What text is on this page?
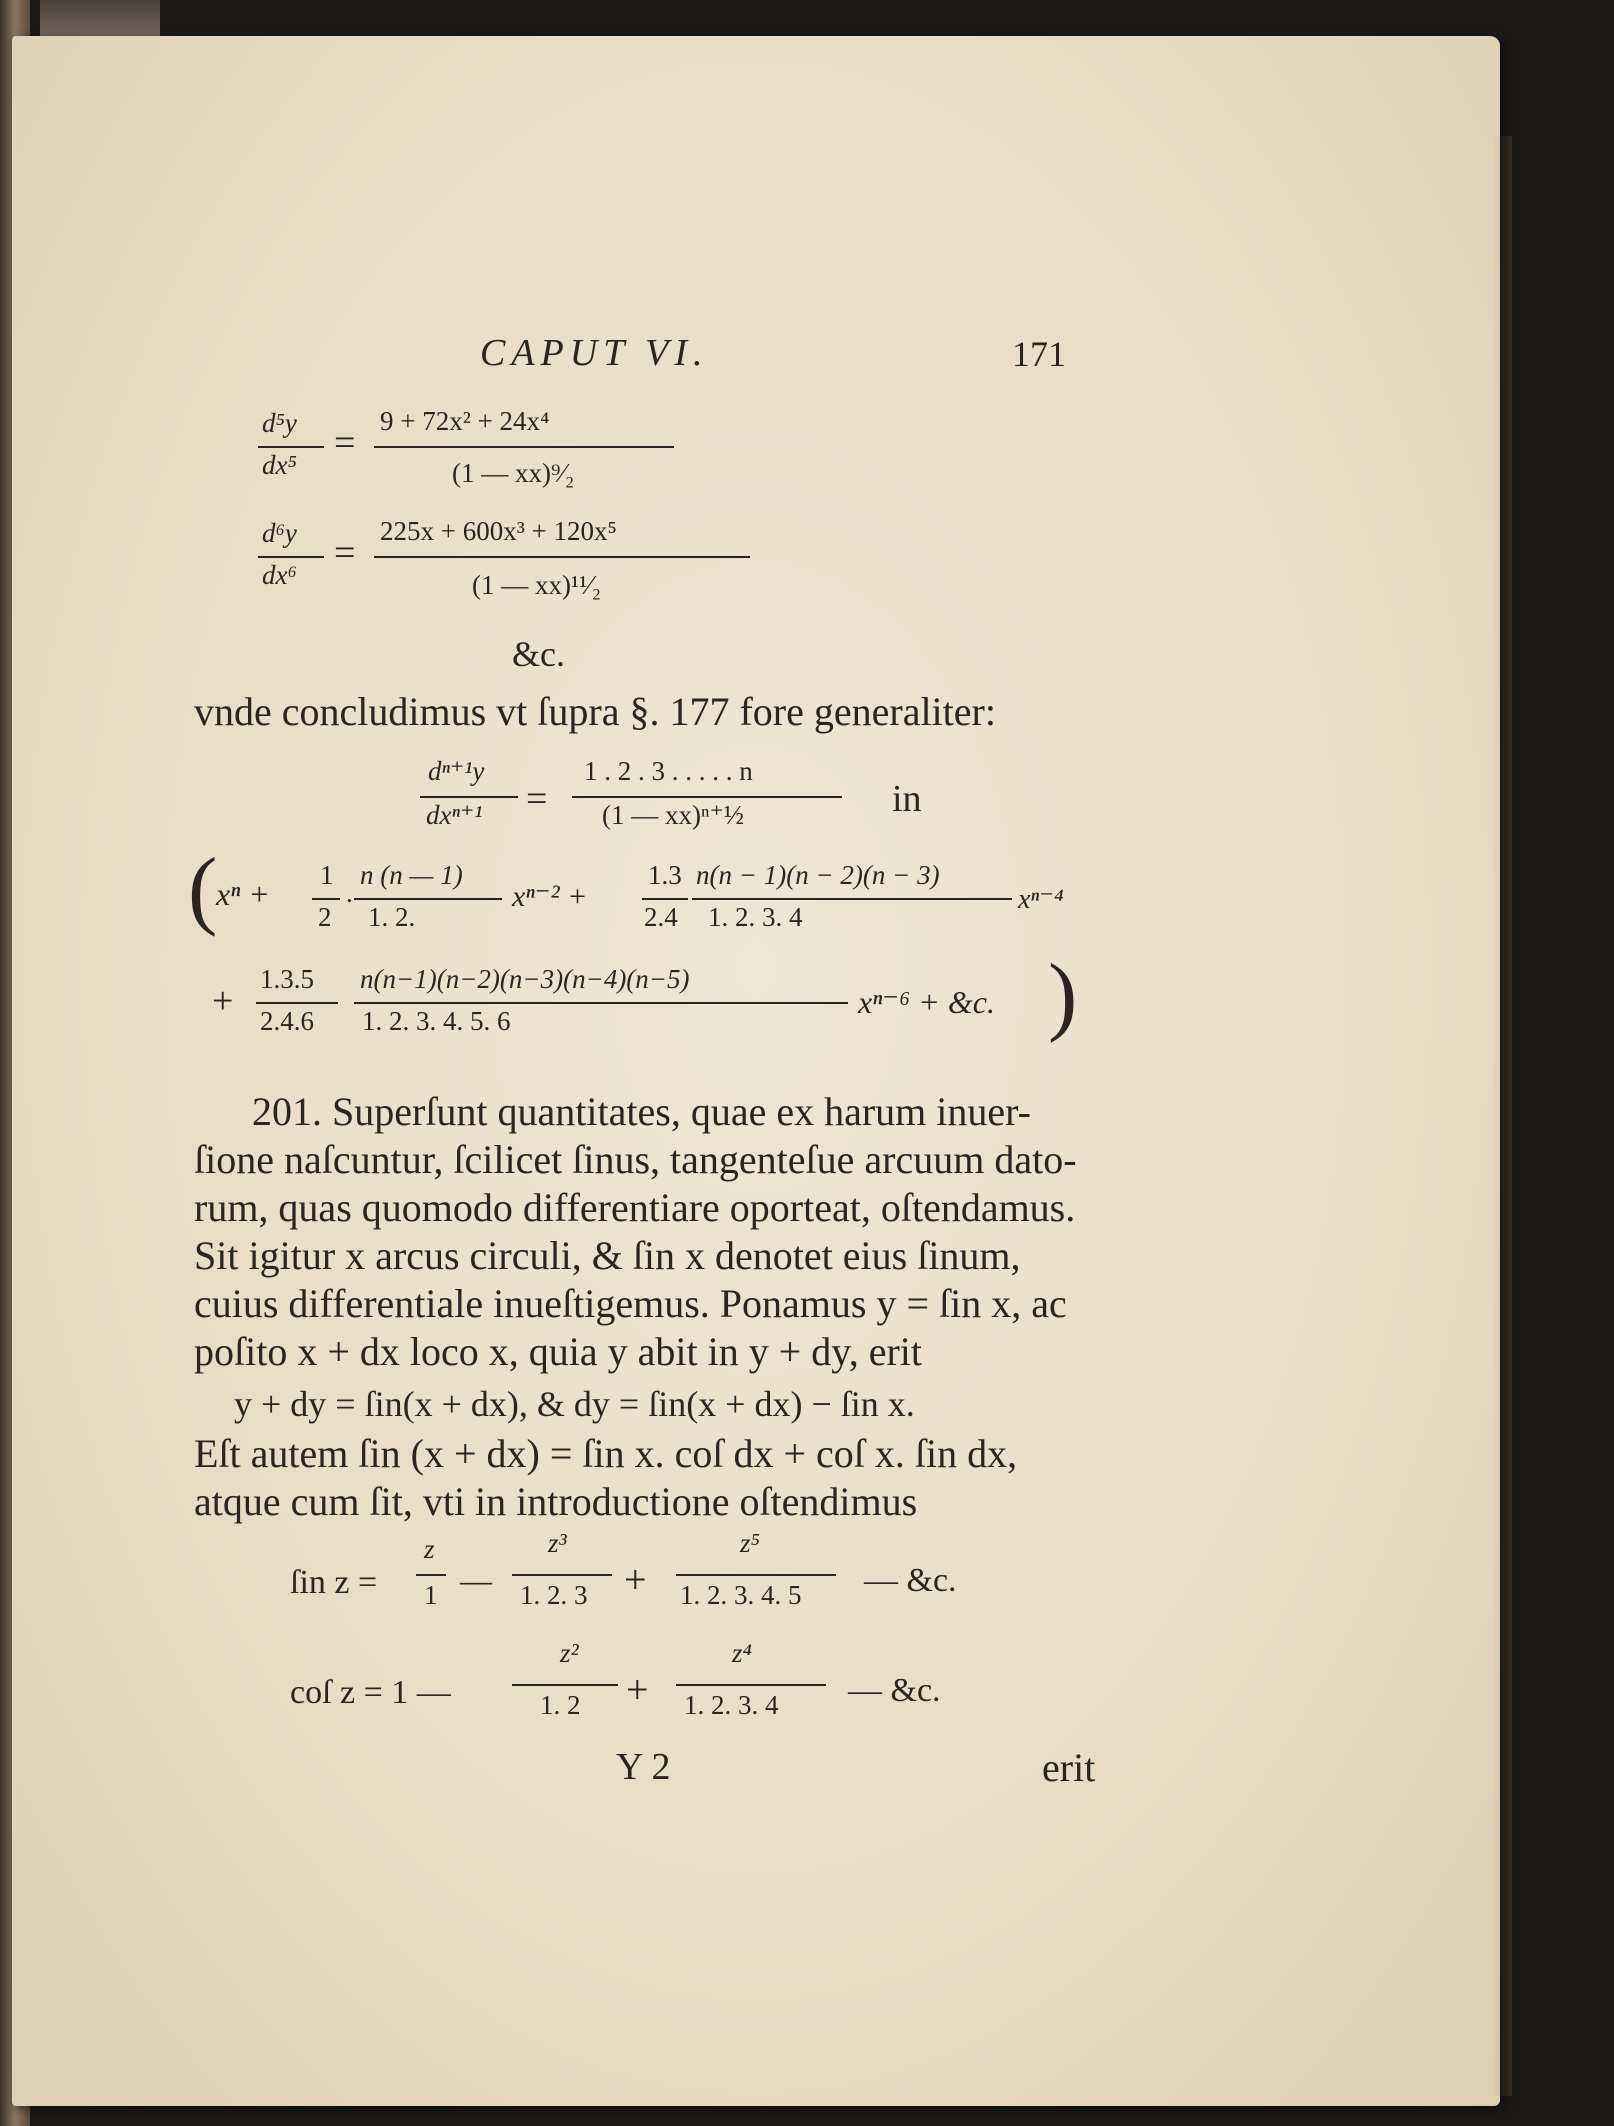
CAPUT VI.	171
d⁵y
dx⁵
=
9 + 72x² + 24x⁴
(1 — xx)⁹⁄₂
d⁶y
dx⁶
=
225x + 600x³ + 120x⁵
(1 — xx)¹¹⁄₂
&c.
vnde concludimus vt ſupra §. 177 fore generaliter:
dⁿ⁺¹y
dxⁿ⁺¹ =
1 . 2 . 3 . . . . . n
(1 — xx)ⁿ⁺½	in
(
xⁿ +
1
2
.
n (n — 1)
1. 2.
xⁿ⁻² +
1.3
2.4
n(n − 1)(n − 2)(n − 3)
1. 2. 3. 4
xⁿ⁻⁴
+
1.3.5
2.4.6
n(n−1)(n−2)(n−3)(n−4)(n−5)
1. 2. 3. 4. 5. 6
xⁿ⁻⁶ + &c. )
201. Superſunt quantitates, quae ex harum inuer-
ſione naſcuntur, ſcilicet ſinus, tangenteſue arcuum dato-
rum, quas quomodo differentiare oporteat, oſtendamus.
Sit igitur x arcus circuli, & ſin x denotet eius ſinum,
cuius differentiale inueſtigemus. Ponamus y = ſin x, ac
poſito x + dx loco x, quia y abit in y + dy, erit
y + dy = ſin(x + dx), & dy = ſin(x + dx) − ſin x.
Eſt autem ſin (x + dx) = ſin x. coſ dx + coſ x. ſin dx,
atque cum ſit, vti in introductione oſtendimus
ſin z =
z
1 —
z³
1. 2. 3 +
z⁵
1. 2. 3. 4. 5 — &c.
coſ z = 1 —
z²
1. 2 +
z⁴
1. 2. 3. 4 — &c.
Y 2	erit
